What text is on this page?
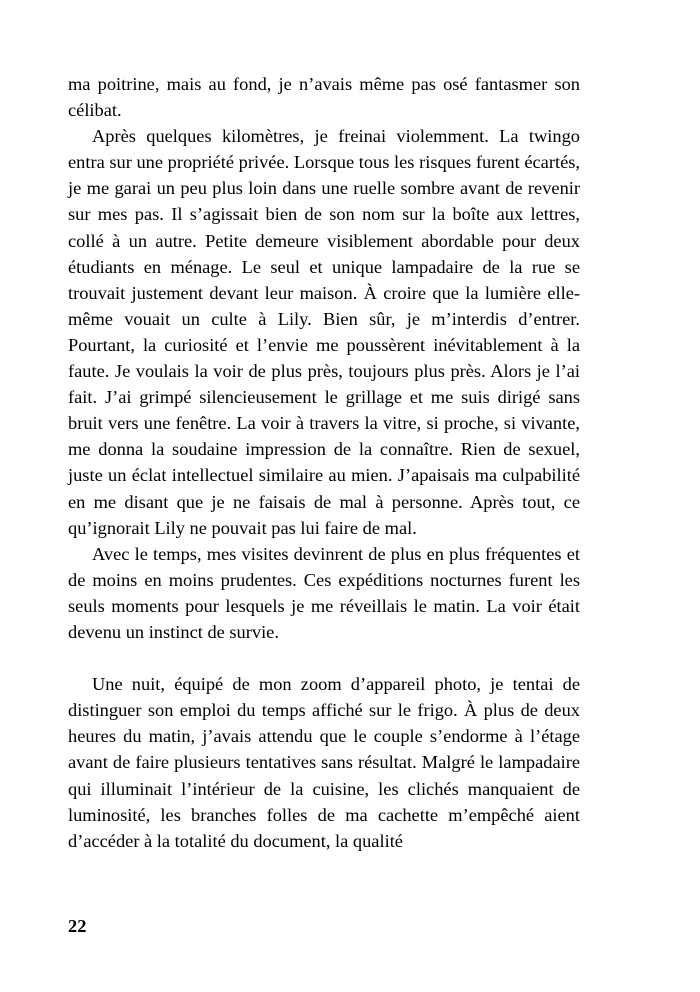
ma poitrine, mais au fond, je n’avais même pas osé fantasmer son célibat.

Après quelques kilomètres, je freinai violemment. La twingo entra sur une propriété privée. Lorsque tous les risques furent écartés, je me garai un peu plus loin dans une ruelle sombre avant de revenir sur mes pas. Il s’agissait bien de son nom sur la boîte aux lettres, collé à un autre. Petite demeure visiblement abordable pour deux étudiants en ménage. Le seul et unique lampadaire de la rue se trouvait justement devant leur maison. À croire que la lumière elle-même vouait un culte à Lily. Bien sûr, je m’interdis d’entrer. Pourtant, la curiosité et l’envie me poussèrent inévitablement à la faute. Je voulais la voir de plus près, toujours plus près. Alors je l’ai fait. J’ai grimpé silencieusement le grillage et me suis dirigé sans bruit vers une fenêtre. La voir à travers la vitre, si proche, si vivante, me donna la soudaine impression de la connaître. Rien de sexuel, juste un éclat intellectuel similaire au mien. J’apaisais ma culpabilité en me disant que je ne faisais de mal à personne. Après tout, ce qu’ignorait Lily ne pouvait pas lui faire de mal.

Avec le temps, mes visites devinrent de plus en plus fréquentes et de moins en moins prudentes. Ces expéditions nocturnes furent les seuls moments pour lesquels je me réveillais le matin. La voir était devenu un instinct de survie.

Une nuit, équipé de mon zoom d’appareil photo, je tentai de distinguer son emploi du temps affiché sur le frigo. À plus de deux heures du matin, j’avais attendu que le couple s’endorme à l’étage avant de faire plusieurs tentatives sans résultat. Malgré le lampadaire qui illuminait l’intérieur de la cuisine, les clichés manquaient de luminosité, les branches folles de ma cachette m’empêché aient d’accéder à la totalité du document, la qualité

22
